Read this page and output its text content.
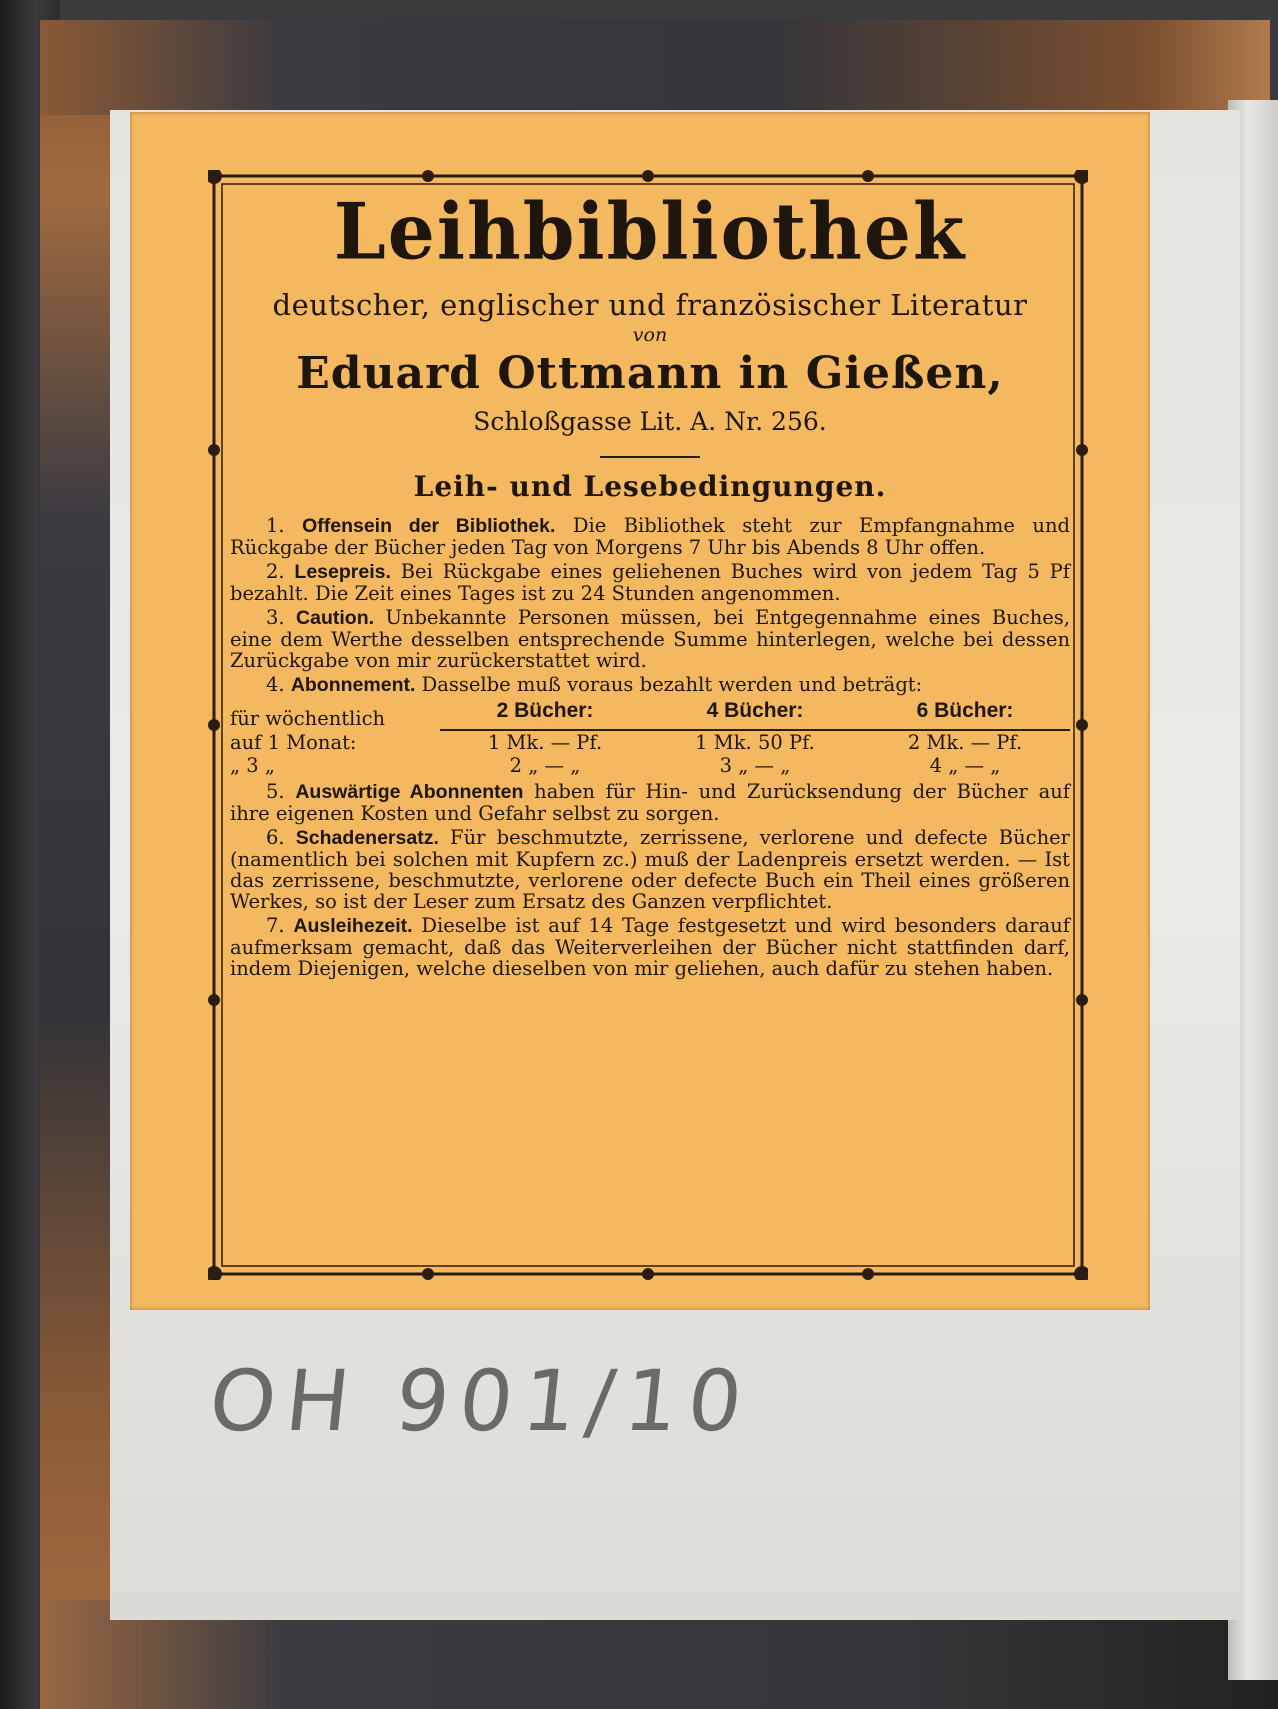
Leihbibliothek

deutscher, englischer und französischer Literatur

von

Eduard Ottmann in Gießen,

Schloßgasse Lit. A. Nr. 256.

Leih- und Lesebedingungen.

1. Offensein der Bibliothek. Die Bibliothek steht zur Empfangnahme und Rückgabe der Bücher jeden Tag von Morgens 7 Uhr bis Abends 8 Uhr offen.

2. Lesepreis. Bei Rückgabe eines geliehenen Buches wird von jedem Tag 5 Pf bezahlt. Die Zeit eines Tages ist zu 24 Stunden angenommen.

3. Caution. Unbekannte Personen müssen, bei Entgegennahme eines Buches, eine dem Werthe desselben entsprechende Summe hinterlegen, welche bei dessen Zurückgabe von mir zurückerstattet wird.

4. Abonnement. Dasselbe muß voraus bezahlt werden und beträgt:

für wöchentlich	2 Bücher:	4 Bücher:	6 Bücher:
auf 1 Monat:	1 Mk. — Pf.	1 Mk. 50 Pf.	2 Mk. — Pf.
„ 3 „	2 „ — „	3 „ — „	4 „ — „

5. Auswärtige Abonnenten haben für Hin- und Zurücksendung der Bücher auf ihre eigenen Kosten und Gefahr selbst zu sorgen.

6. Schadenersatz. Für beschmutzte, zerrissene, verlorene und defecte Bücher (namentlich bei solchen mit Kupfern zc.) muß der Ladenpreis ersetzt werden. — Ist das zerrissene, beschmutzte, verlorene oder defecte Buch ein Theil eines größeren Werkes, so ist der Leser zum Ersatz des Ganzen verpflichtet.

7. Ausleihezeit. Dieselbe ist auf 14 Tage festgesetzt und wird besonders darauf aufmerksam gemacht, daß das Weiterverleihen der Bücher nicht stattfinden darf, indem Diejenigen, welche dieselben von mir geliehen, auch dafür zu stehen haben.

OH 901/10
